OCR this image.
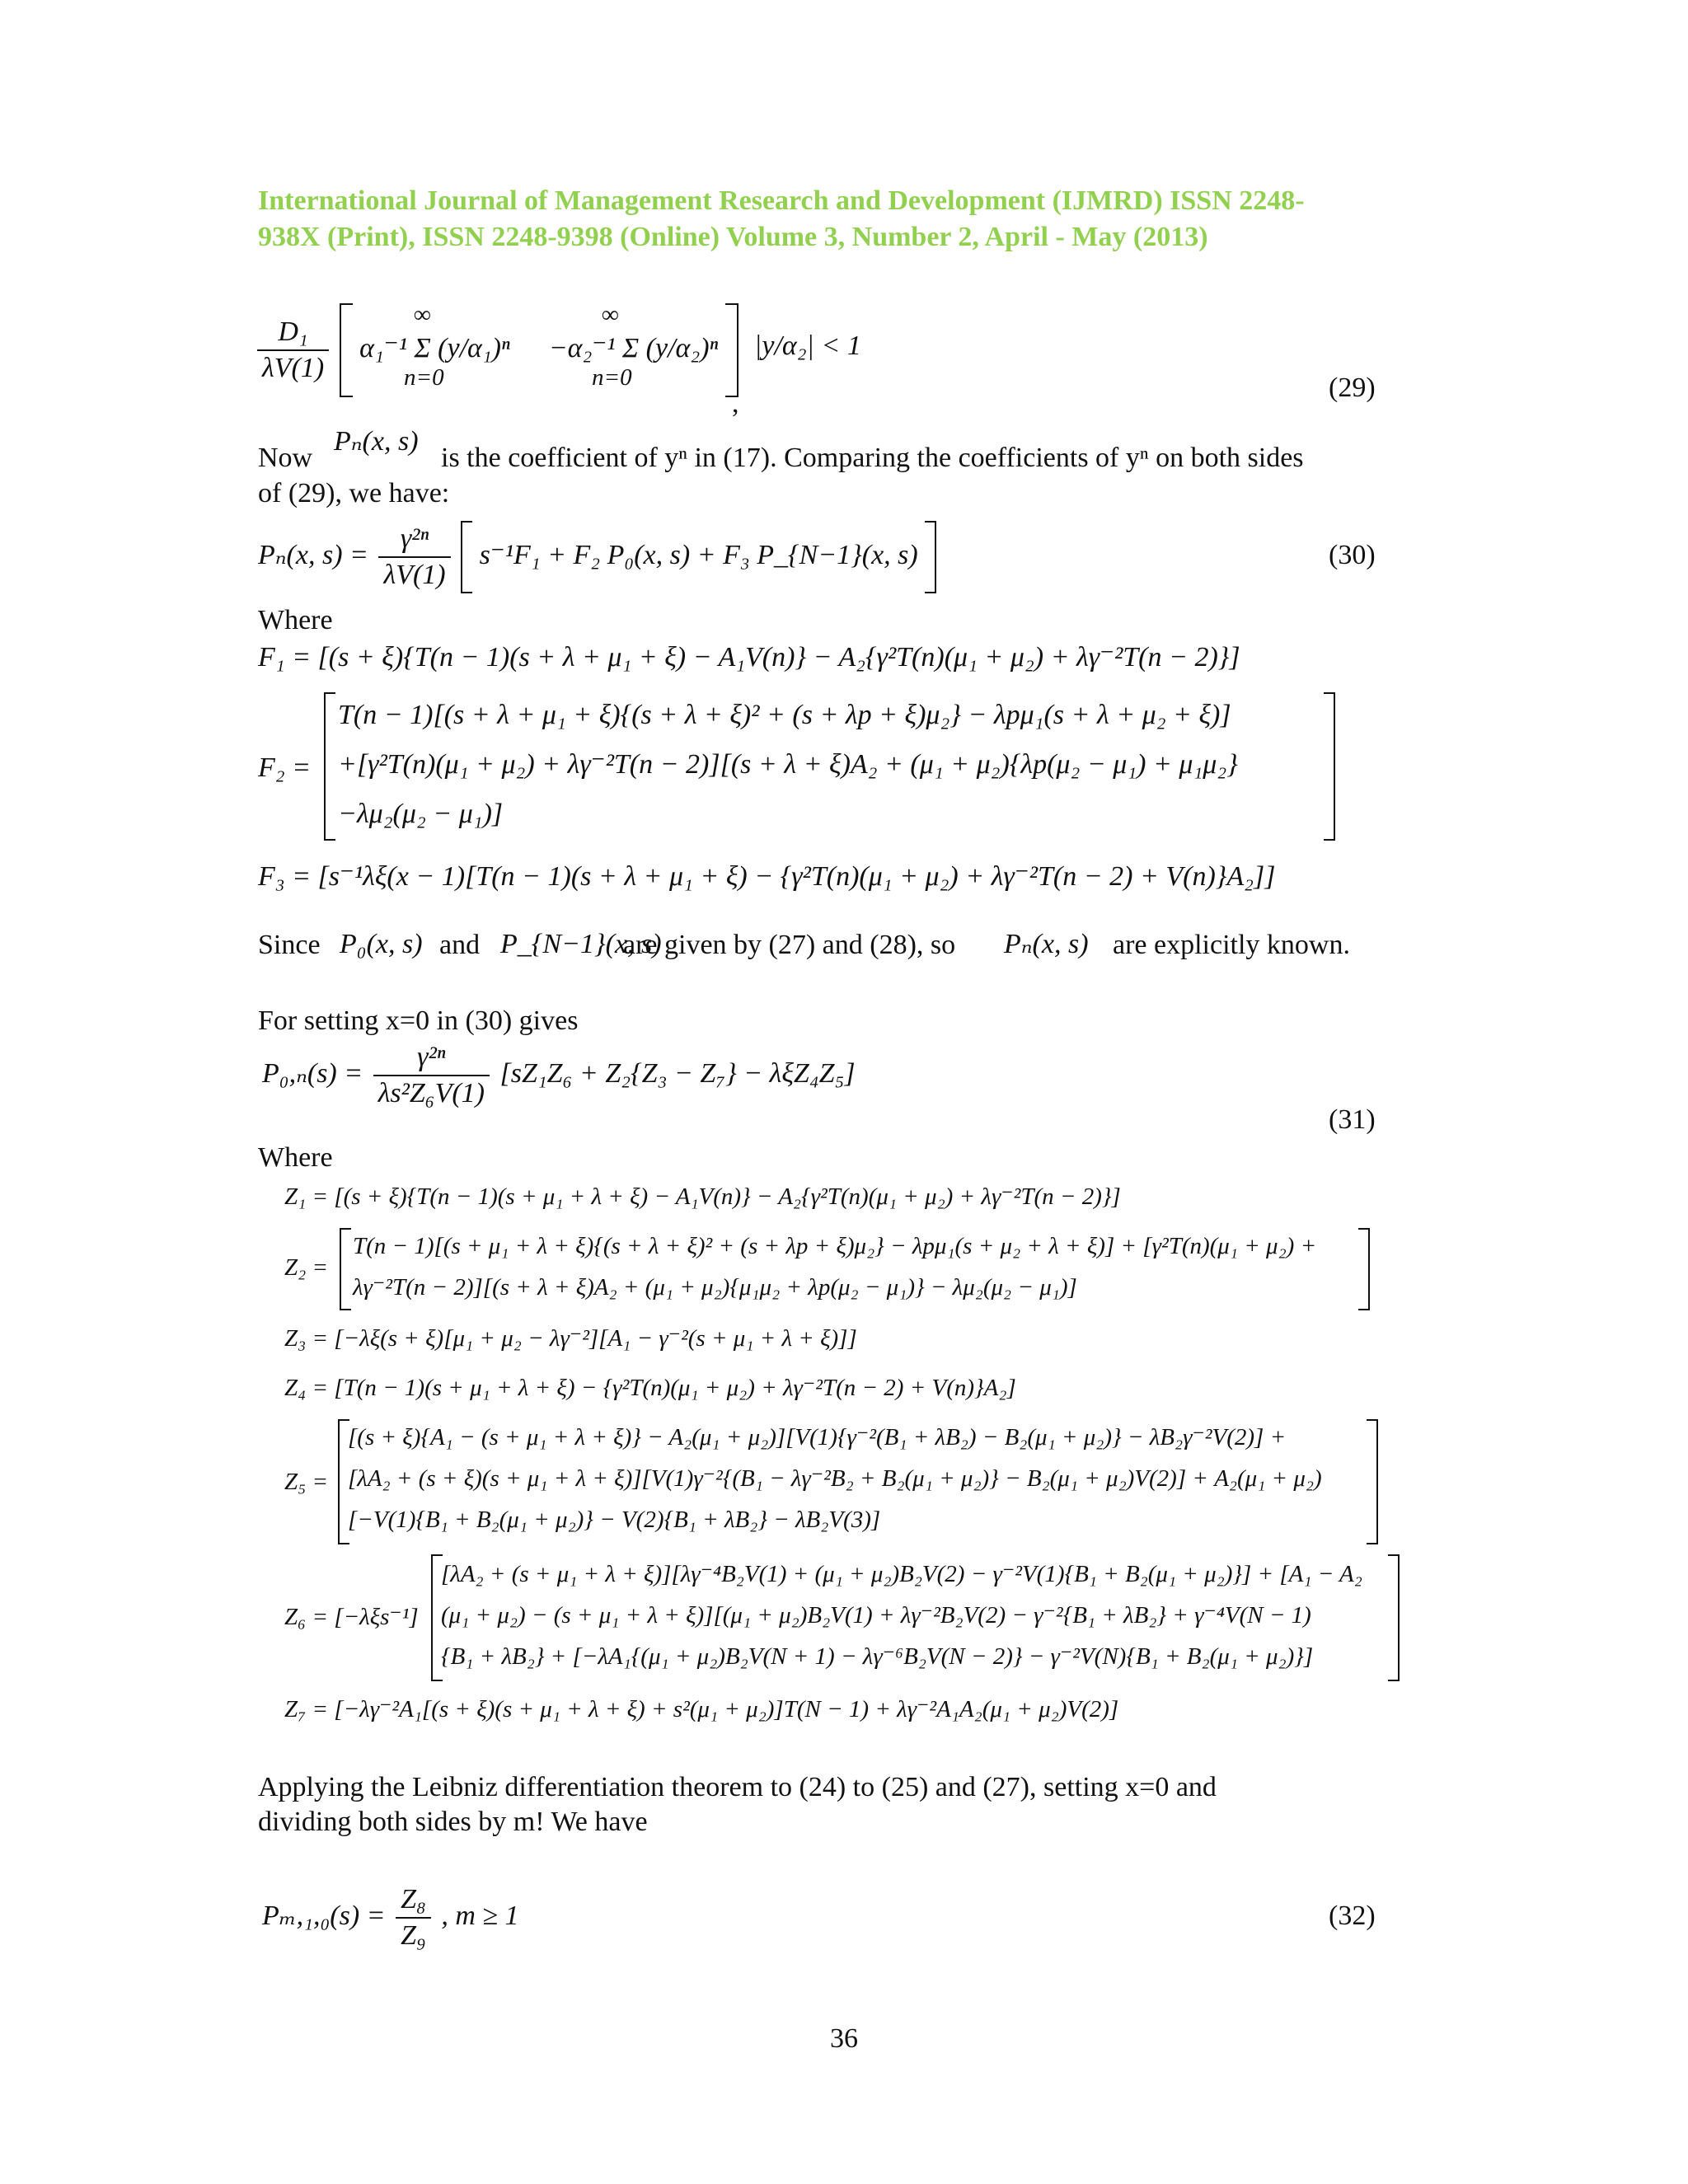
International Journal of Management Research and Development (IJMRD) ISSN 2248-
938X (Print), ISSN 2248-9398 (Online) Volume 3, Number 2, April - May (2013)
$\frac{\text{D₁}}{\lambda V(1)} \alpha_1^{-1}$ Σ (y/α₁)ⁿ −α₂⁻¹ Σ (y/α₂)ⁿ
n=0	n=0
∞	∞
,
|y/α₂| < 1
(29)
Now
Pₙ(x, s)
is the coefficient of yⁿ in (17). Comparing the coefficients of yⁿ on both sides
of (29), we have:
Pₙ(x, $s) = \frac{\text{γ²ⁿ}}{\lambda V(1)} s^{-1}F_1 + F_2$ P₀(x, s) + F₃ P_{N−1}(x, s)	(30)
Where
F₁ = [(s + ξ){T(n − 1)(s + λ + μ₁ + ξ) − A₁V(n)} − A₂{γ²T(n)(μ₁ + μ₂) + λγ⁻²T(n − 2)}]
F₂ =
T(n − 1)[(s + λ + μ₁ + ξ){(s + λ + ξ)² + (s + λp + ξ)μ₂} − λpμ₁(s + λ + μ₂ + ξ)]
+[γ²T(n)(μ₁ + μ₂) + λγ⁻²T(n − 2)][(s + λ + ξ)A₂ + (μ₁ + μ₂){λp(μ₂ − μ₁) + μ₁μ₂}
−λμ₂(μ₂ − μ₁)]
F₃ = [s⁻¹λξ(x − 1)[T(n − 1)(s + λ + μ₁ + ξ) − {γ²T(n)(μ₁ + μ₂) + λγ⁻²T(n − 2) + V(n)}A₂]]
Since P₀(x, s) and P_{N−1}(x, s)
are given by (27) and (28), so Pₙ(x, s) are explicitly known.
For setting x=0 in (30) gives
$P_0,_n(s) = \frac{\text{γ²ⁿ}}{\text{λs²Z₆V(1)}} [sZ_1Z_6 + Z_2\{Z_3 - Z_7\} - \lambda\xi Z_4Z_5]$
(31)
Where
Z₁ = [(s + ξ){T(n − 1)(s + μ₁ + λ + ξ) − A₁V(n)} − A₂{γ²T(n)(μ₁ + μ₂) + λγ⁻²T(n − 2)}]
Z₂ =
T(n − 1)[(s + μ₁ + λ + ξ){(s + λ + ξ)² + (s + λp + ξ)μ₂} − λpμ₁(s + μ₂ + λ + ξ)] + [γ²T(n)(μ₁ + μ₂) +
λγ⁻²T(n − 2)][(s + λ + ξ)A₂ + (μ₁ + μ₂){μ₁μ₂ + λp(μ₂ − μ₁)} − λμ₂(μ₂ − μ₁)]
Z₃ = [−λξ(s + ξ)[μ₁ + μ₂ − λγ⁻²][A₁ − γ⁻²(s + μ₁ + λ + ξ)]]
Z₄ = [T(n − 1)(s + μ₁ + λ + ξ) − {γ²T(n)(μ₁ + μ₂) + λγ⁻²T(n − 2) + V(n)}A₂]
Z₅ =
[(s + ξ){A₁ − (s + μ₁ + λ + ξ)} − A₂(μ₁ + μ₂)][V(1){γ⁻²(B₁ + λB₂) − B₂(μ₁ + μ₂)} − λB₂γ⁻²V(2)] +
[λA₂ + (s + ξ)(s + μ₁ + λ + ξ)][V(1)γ⁻²{(B₁ − λγ⁻²B₂ + B₂(μ₁ + μ₂)} − B₂(μ₁ + μ₂)V(2)] + A₂(μ₁ + μ₂)
[−V(1){B₁ + B₂(μ₁ + μ₂)} − V(2){B₁ + λB₂} − λB₂V(3)]
Z₆ = [−λξs⁻¹]
[λA₂ + (s + μ₁ + λ + ξ)][λγ⁻⁴B₂V(1) + (μ₁ + μ₂)B₂V(2) − γ⁻²V(1){B₁ + B₂(μ₁ + μ₂)}] + [A₁ − A₂
(μ₁ + μ₂) − (s + μ₁ + λ + ξ)][(μ₁ + μ₂)B₂V(1) + λγ⁻²B₂V(2) − γ⁻²{B₁ + λB₂} + γ⁻⁴V(N − 1)
{B₁ + λB₂} + [−λA₁{(μ₁ + μ₂)B₂V(N + 1) − λγ⁻⁶B₂V(N − 2)} − γ⁻²V(N){B₁ + B₂(μ₁ + μ₂)}]
Z₇ = [−λγ⁻²A₁[(s + ξ)(s + μ₁ + λ + ξ) + s²(μ₁ + μ₂)]T(N − 1) + λγ⁻²A₁A₂(μ₁ + μ₂)V(2)]
Applying the Leibniz differentiation theorem to (24) to (25) and (27), setting x=0 and
dividing both sides by m! We have
$P_m,_1,_0(s) = \frac{\text{Z₈}}{\text{Z₉}}$ , m ≥ 1	(32)
36
